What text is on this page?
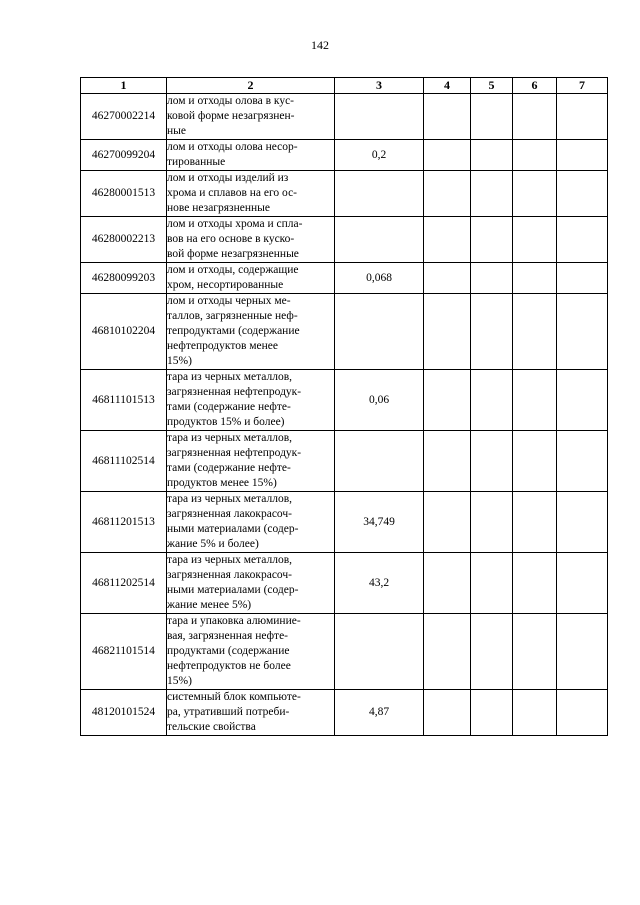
142
1	2	3	4	5	6	7
46270002214	лом и отходы олова в кус-
ковой форме незагрязнен-
ные					
46270099204	лом и отходы олова несор-
тированные	0,2				
46280001513	лом и отходы изделий из
хрома и сплавов на его ос-
нове незагрязненные					
46280002213	лом и отходы хрома и спла-
вов на его основе в куско-
вой форме незагрязненные					
46280099203	лом и отходы, содержащие
хром, несортированные	0,068				
46810102204	лом и отходы черных ме-
таллов, загрязненные неф-
тепродуктами (содержание
нефтепродуктов менее
15%)					
46811101513	тара из черных металлов,
загрязненная нефтепродук-
тами (содержание нефте-
продуктов 15% и более)	0,06				
46811102514	тара из черных металлов,
загрязненная нефтепродук-
тами (содержание нефте-
продуктов менее 15%)					
46811201513	тара из черных металлов,
загрязненная лакокрасоч-
ными материалами (содер-
жание 5% и более)	34,749				
46811202514	тара из черных металлов,
загрязненная лакокрасоч-
ными материалами (содер-
жание менее 5%)	43,2				
46821101514	тара и упаковка алюминие-
вая, загрязненная нефте-
продуктами (содержание
нефтепродуктов не более
15%)					
48120101524	системный блок компьюте-
ра, утративший потреби-
тельские свойства	4,87				
